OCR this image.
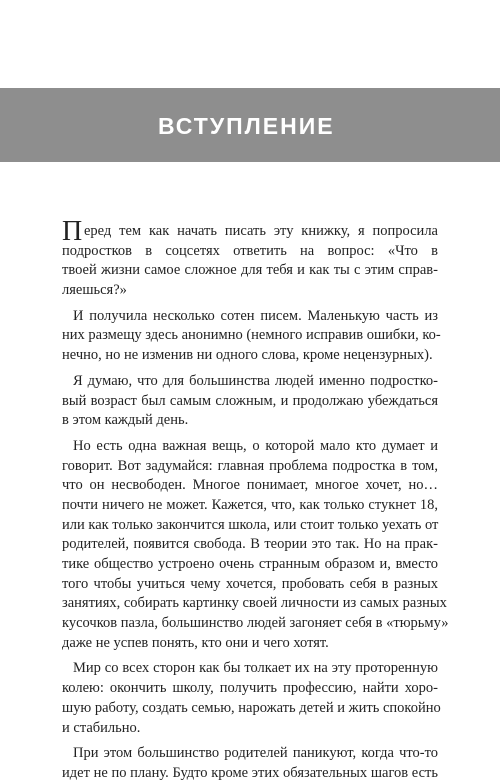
ВСТУПЛЕНИЕ
П еред тем как начать писать эту книжку, я попросила
подростков в соцсетях ответить на вопрос: «Что в
твоей жизни самое сложное для тебя и как ты с этим справ-
ляешься?»
И получила несколько сотен писем. Маленькую часть из
них размещу здесь анонимно (немного исправив ошибки, ко-
нечно, но не изменив ни одного слова, кроме нецензурных).
Я думаю, что для большинства людей именно подростко-
вый возраст был самым сложным, и продолжаю убеждаться
в этом каждый день.
Но есть одна важная вещь, о которой мало кто думает и
говорит. Вот задумайся: главная проблема подростка в том,
что он несвободен. Многое понимает, многое хочет, но…
почти ничего не может. Кажется, что, как только стукнет 18,
или как только закончится школа, или стоит только уехать от
родителей, появится свобода. В теории это так. Но на прак-
тике общество устроено очень странным образом и, вместо
того чтобы учиться чему хочется, пробовать себя в разных
занятиях, собирать картинку своей личности из самых разных
кусочков пазла, большинство людей загоняет себя в «тюрьму»
даже не успев понять, кто они и чего хотят.
Мир со всех сторон как бы толкает их на эту проторенную
колею: окончить школу, получить профессию, найти хоро-
шую работу, создать семью, нарожать детей и жить спокойно
и стабильно.
При этом большинство родителей паникуют, когда что-то
идет не по плану. Будто кроме этих обязательных шагов есть
